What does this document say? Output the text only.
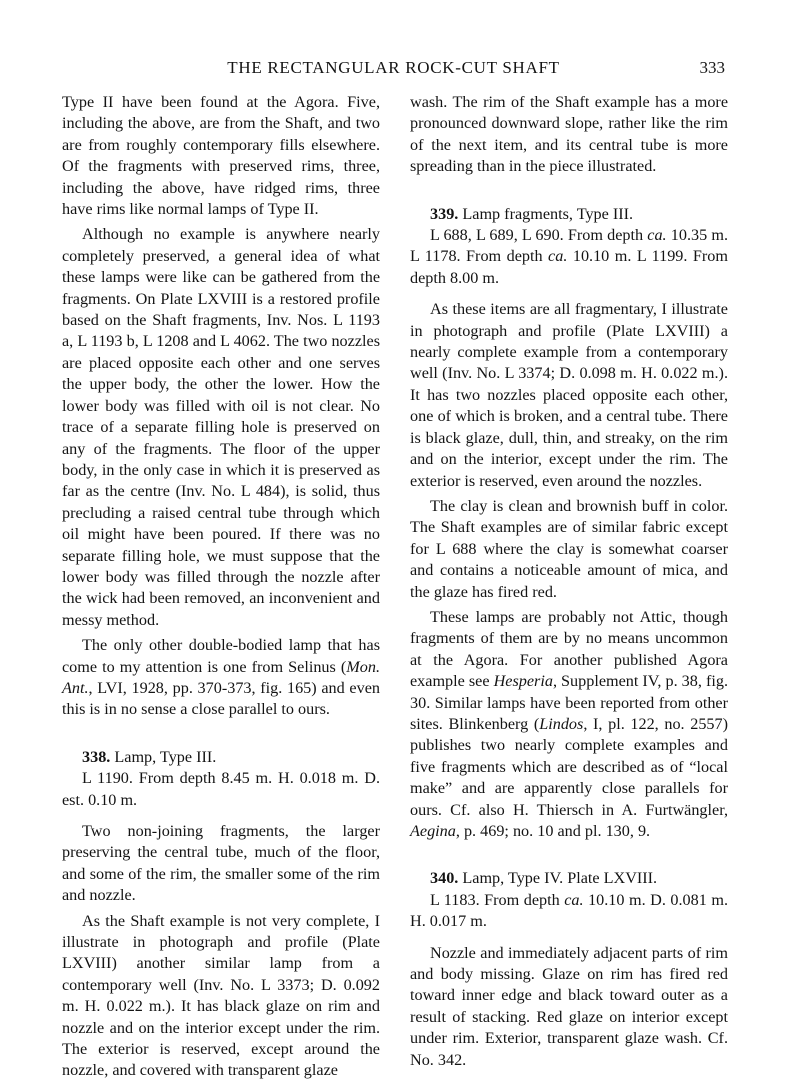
THE RECTANGULAR ROCK-CUT SHAFT	333

Type II have been found at the Agora. Five, including the above, are from the Shaft, and two are from roughly contemporary fills elsewhere. Of the fragments with preserved rims, three, including the above, have ridged rims, three have rims like normal lamps of Type II.

Although no example is anywhere nearly completely preserved, a general idea of what these lamps were like can be gathered from the fragments. On Plate LXVIII is a restored profile based on the Shaft fragments, Inv. Nos. L 1193 a, L 1193 b, L 1208 and L 4062. The two nozzles are placed opposite each other and one serves the upper body, the other the lower. How the lower body was filled with oil is not clear. No trace of a separate filling hole is preserved on any of the fragments. The floor of the upper body, in the only case in which it is preserved as far as the centre (Inv. No. L 484), is solid, thus precluding a raised central tube through which oil might have been poured. If there was no separate filling hole, we must suppose that the lower body was filled through the nozzle after the wick had been removed, an inconvenient and messy method.

The only other double-bodied lamp that has come to my attention is one from Selinus (Mon. Ant., LVI, 1928, pp. 370-373, fig. 165) and even this is in no sense a close parallel to ours.

338. Lamp, Type III.

L 1190. From depth 8.45 m. H. 0.018 m. D. est. 0.10 m.

Two non-joining fragments, the larger preserving the central tube, much of the floor, and some of the rim, the smaller some of the rim and nozzle.

As the Shaft example is not very complete, I illustrate in photograph and profile (Plate LXVIII) another similar lamp from a contemporary well (Inv. No. L 3373; D. 0.092 m. H. 0.022 m.). It has black glaze on rim and nozzle and on the interior except under the rim. The exterior is reserved, except around the nozzle, and covered with transparent glaze

wash. The rim of the Shaft example has a more pronounced downward slope, rather like the rim of the next item, and its central tube is more spreading than in the piece illustrated.

339. Lamp fragments, Type III.

L 688, L 689, L 690. From depth ca. 10.35 m. L 1178. From depth ca. 10.10 m. L 1199. From depth 8.00 m.

As these items are all fragmentary, I illustrate in photograph and profile (Plate LXVIII) a nearly complete example from a contemporary well (Inv. No. L 3374; D. 0.098 m. H. 0.022 m.). It has two nozzles placed opposite each other, one of which is broken, and a central tube. There is black glaze, dull, thin, and streaky, on the rim and on the interior, except under the rim. The exterior is reserved, even around the nozzles.

The clay is clean and brownish buff in color. The Shaft examples are of similar fabric except for L 688 where the clay is somewhat coarser and contains a noticeable amount of mica, and the glaze has fired red.

These lamps are probably not Attic, though fragments of them are by no means uncommon at the Agora. For another published Agora example see Hesperia, Supplement IV, p. 38, fig. 30. Similar lamps have been reported from other sites. Blinkenberg (Lindos, I, pl. 122, no. 2557) publishes two nearly complete examples and five fragments which are described as of “local make” and are apparently close parallels for ours. Cf. also H. Thiersch in A. Furtwängler, Aegina, p. 469; no. 10 and pl. 130, 9.

340. Lamp, Type IV. Plate LXVIII.

L 1183. From depth ca. 10.10 m. D. 0.081 m. H. 0.017 m.

Nozzle and immediately adjacent parts of rim and body missing. Glaze on rim has fired red toward inner edge and black toward outer as a result of stacking. Red glaze on interior except under rim. Exterior, transparent glaze wash. Cf. No. 342.
